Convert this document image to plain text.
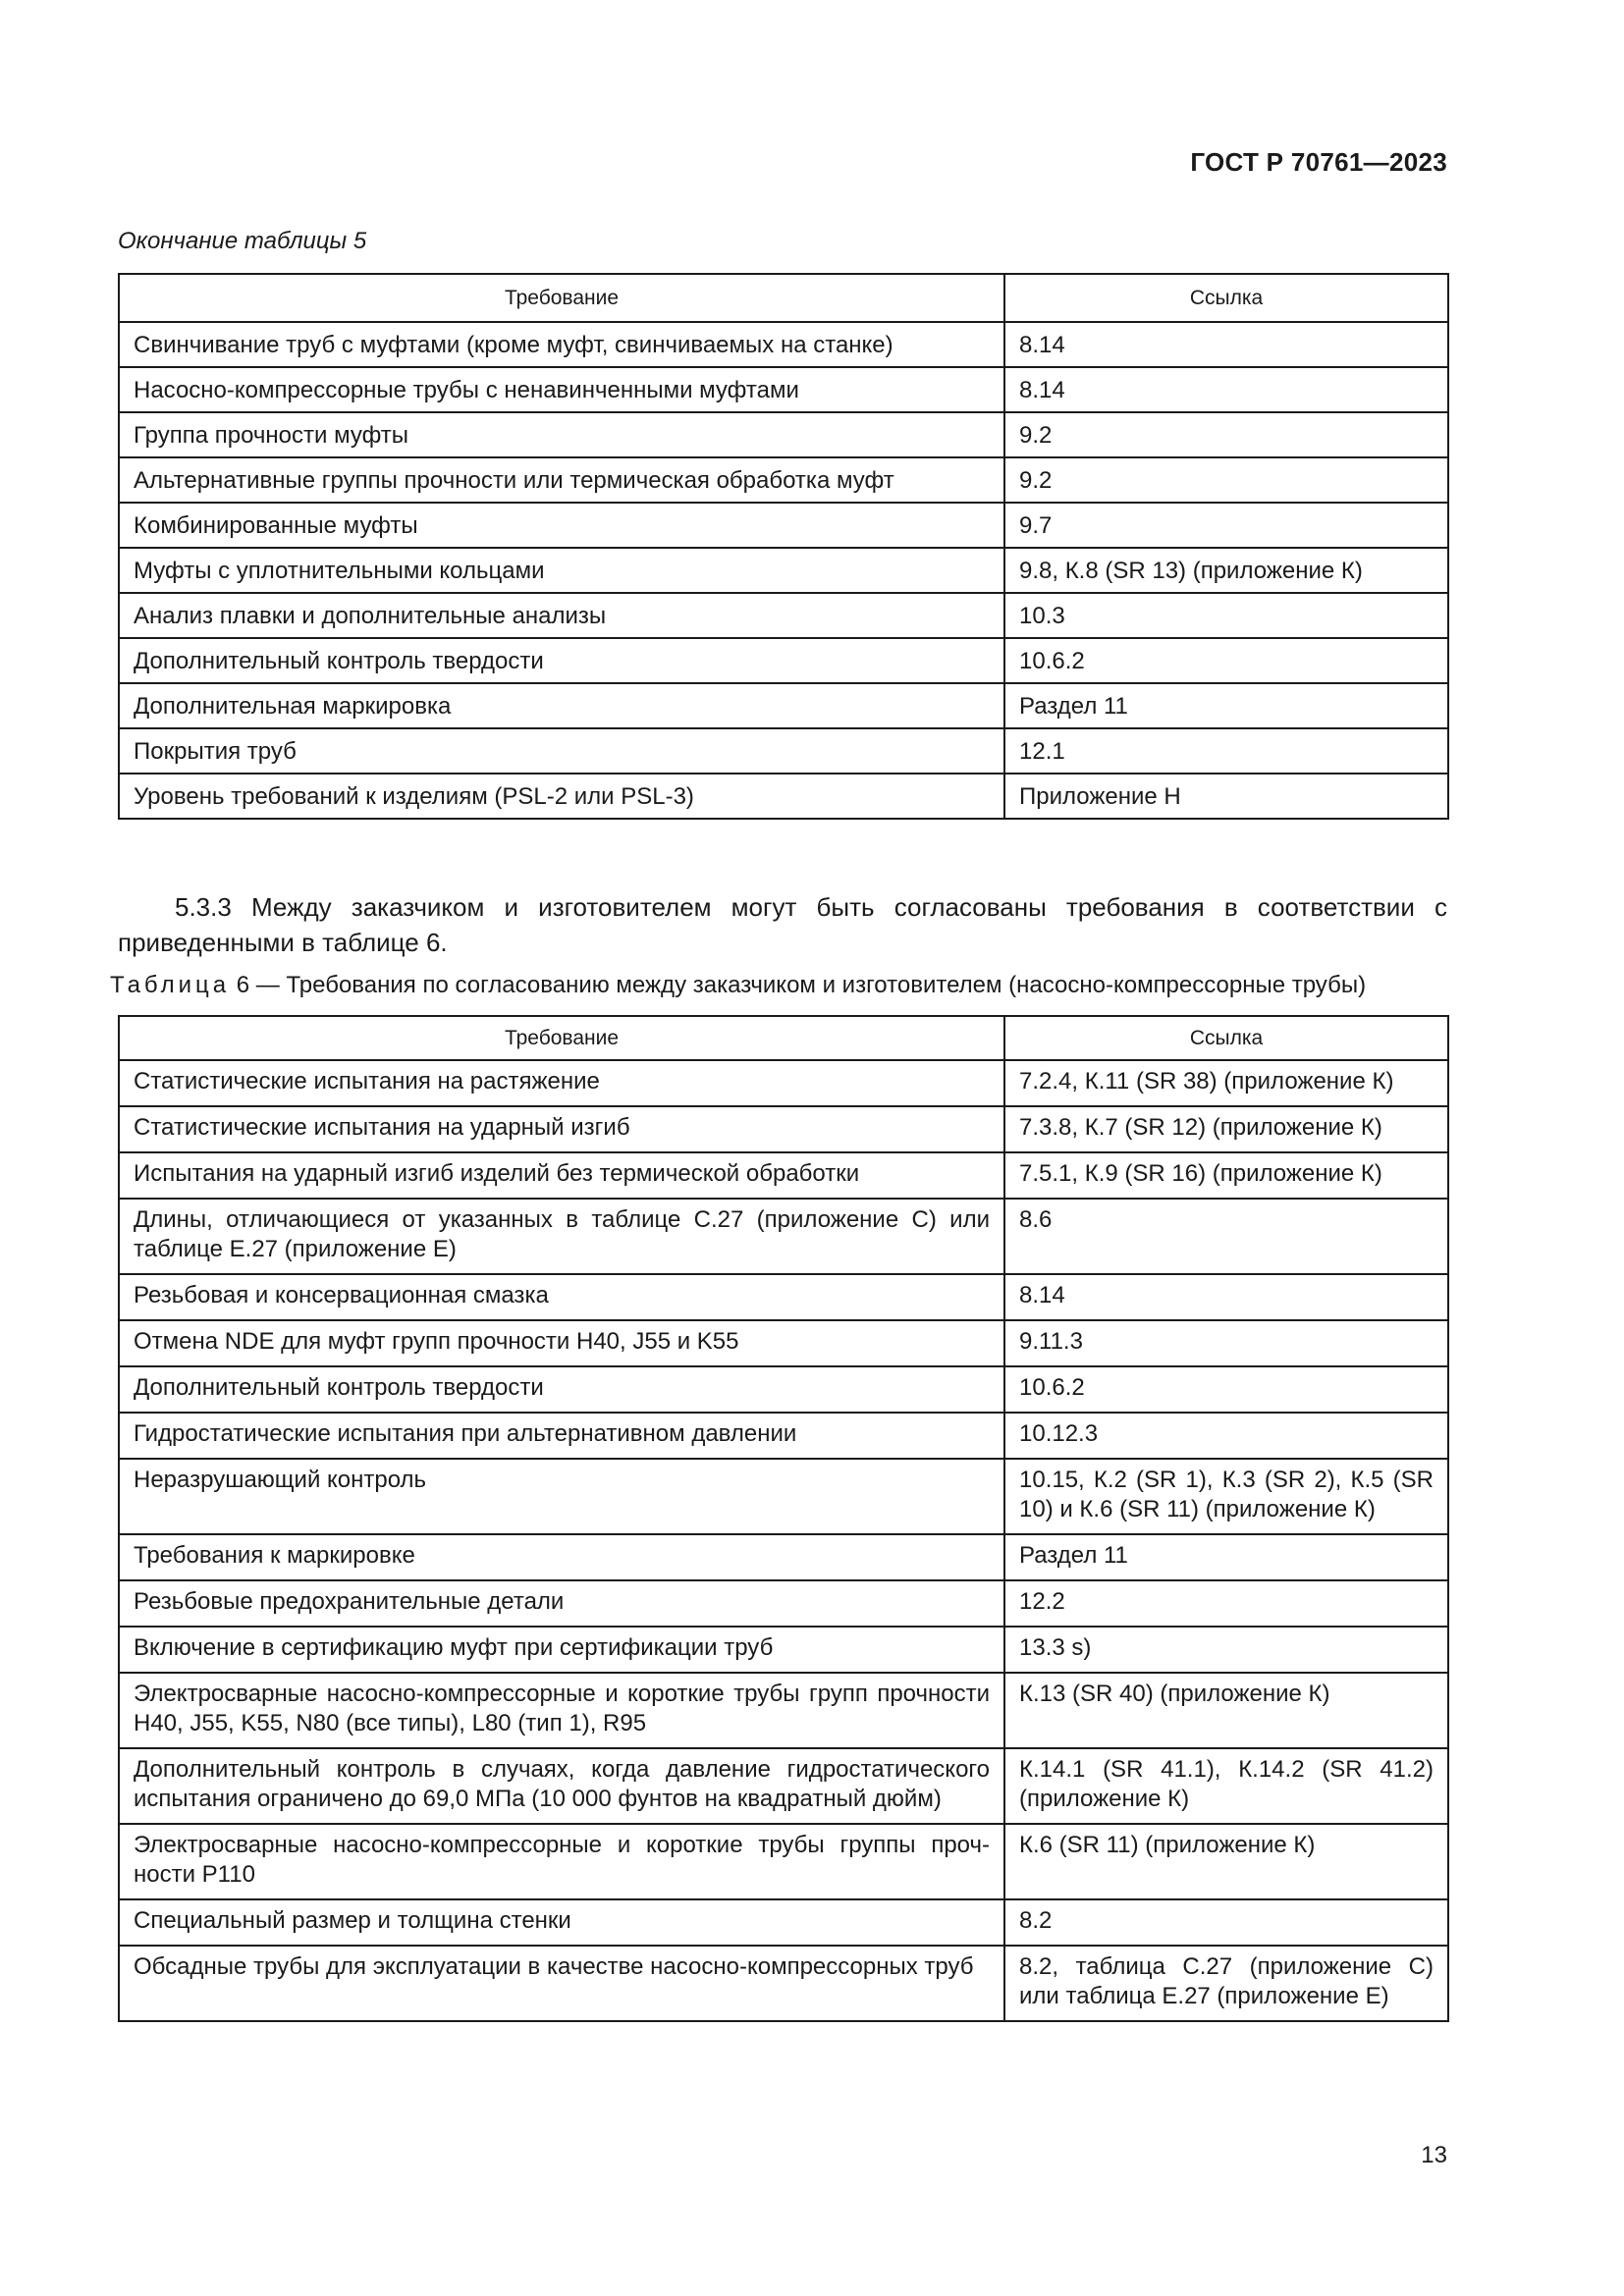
ГОСТ Р 70761—2023
Окончание таблицы 5
Требование	Ссылка
Свинчивание труб с муфтами (кроме муфт, свинчиваемых на станке)	8.14
Насосно-компрессорные трубы с ненавинченными муфтами	8.14
Группа прочности муфты	9.2
Альтернативные группы прочности или термическая обработка муфт	9.2
Комбинированные муфты	9.7
Муфты с уплотнительными кольцами	9.8, К.8 (SR 13) (приложение К)
Анализ плавки и дополнительные анализы	10.3
Дополнительный контроль твердости	10.6.2
Дополнительная маркировка	Раздел 11
Покрытия труб	12.1
Уровень требований к изделиям (PSL-2 или PSL-3)	Приложение Н
5.3.3 Между заказчиком и изготовителем могут быть согласованы требования в соответствии с приведенными в таблице 6.
Таблица 6 — Требования по согласованию между заказчиком и изготовителем (насосно-компрессорные трубы)
Требование	Ссылка
Статистические испытания на растяжение	7.2.4, К.11 (SR 38) (приложение К)
Статистические испытания на ударный изгиб	7.3.8, К.7 (SR 12) (приложение К)
Испытания на ударный изгиб изделий без термической обработки	7.5.1, К.9 (SR 16) (приложение К)
Длины, отличающиеся от указанных в таблице С.27 (приложение С) или таблице Е.27 (приложение Е)	8.6
Резьбовая и консервационная смазка	8.14
Отмена NDE для муфт групп прочности H40, J55 и K55	9.11.3
Дополнительный контроль твердости	10.6.2
Гидростатические испытания при альтернативном давлении	10.12.3
Неразрушающий контроль	10.15, К.2 (SR 1), К.3 (SR 2), К.5 (SR 10) и К.6 (SR 11) (приложение К)
Требования к маркировке	Раздел 11
Резьбовые предохранительные детали	12.2
Включение в сертификацию муфт при сертификации труб	13.3 s)
Электросварные насосно-компрессорные и короткие трубы групп прочности H40, J55, K55, N80 (все типы), L80 (тип 1), R95	К.13 (SR 40) (приложение К)
Дополнительный контроль в случаях, когда давление гидростатического испытания ограничено до 69,0 МПа (10 000 фунтов на квадратный дюйм)	К.14.1 (SR 41.1), К.14.2 (SR 41.2) (приложение К)
Электросварные насосно-компрессорные и короткие трубы группы прочности P110	К.6 (SR 11) (приложение К)
Специальный размер и толщина стенки	8.2
Обсадные трубы для эксплуатации в качестве насосно-компрессорных труб	8.2, таблица С.27 (приложение С) или таблица Е.27 (приложение Е)
13
